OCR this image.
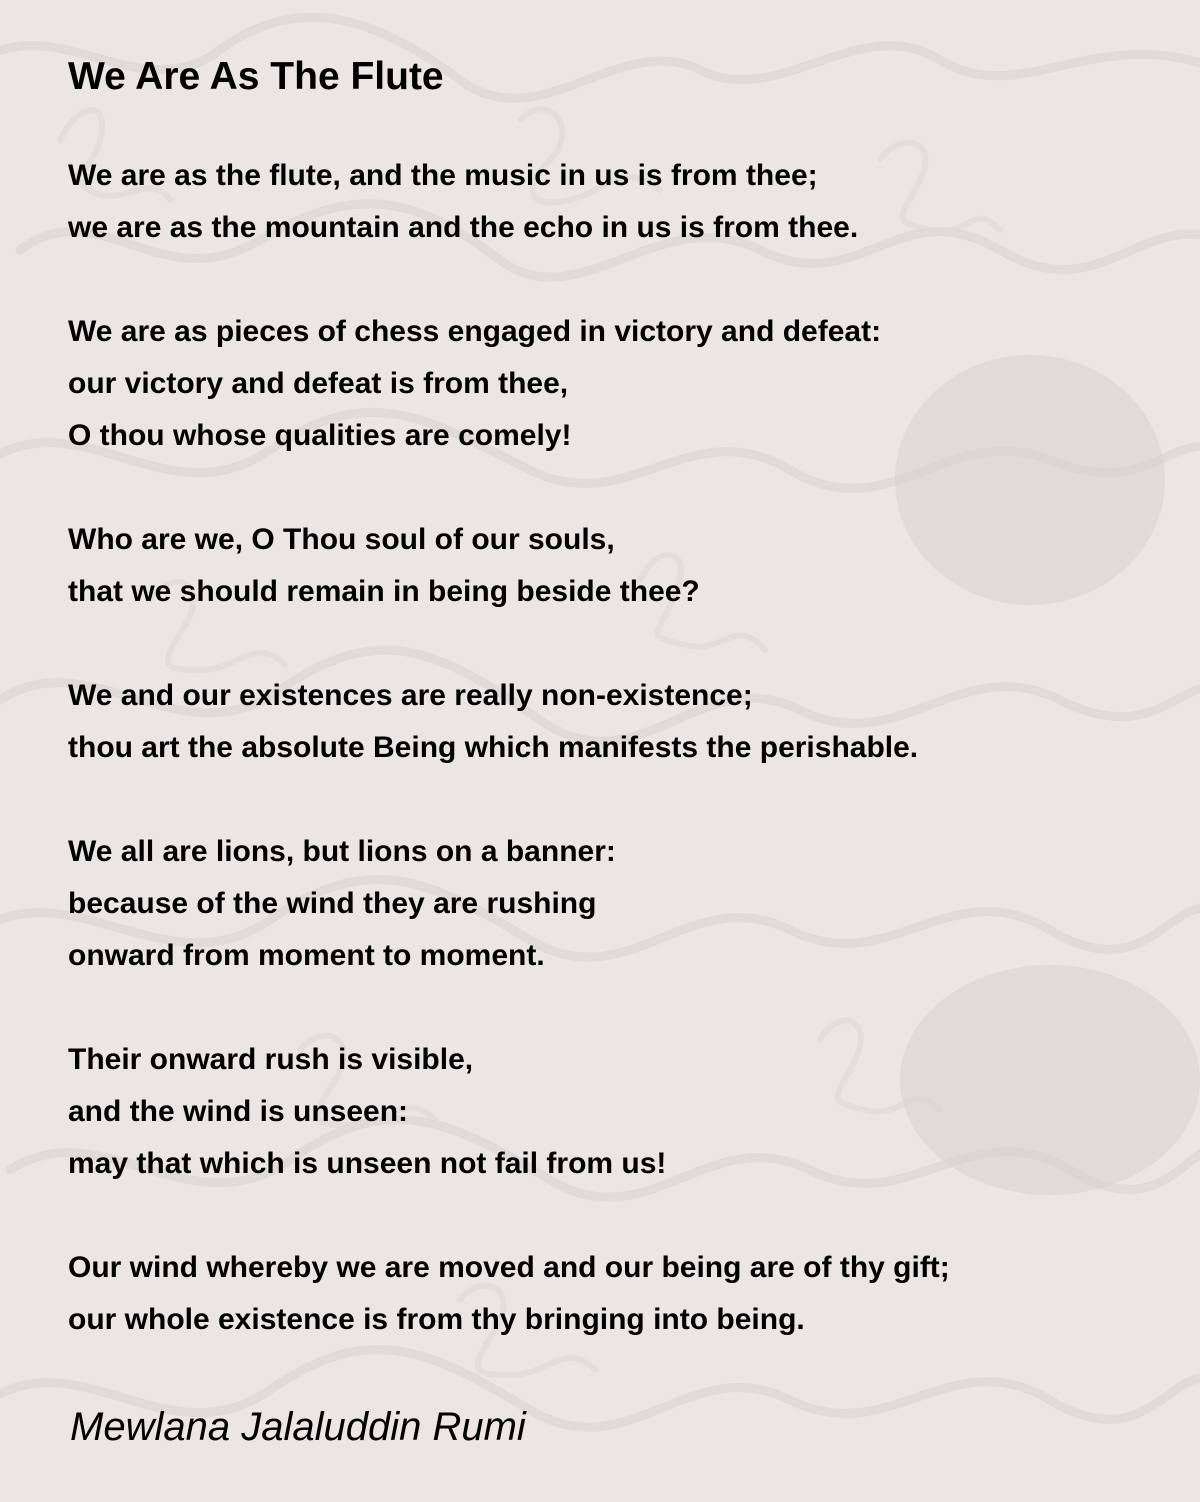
We Are As The Flute

We are as the flute, and the music in us is from thee;
we are as the mountain and the echo in us is from thee.

We are as pieces of chess engaged in victory and defeat:
our victory and defeat is from thee,
O thou whose qualities are comely!

Who are we, O Thou soul of our souls,
that we should remain in being beside thee?

We and our existences are really non-existence;
thou art the absolute Being which manifests the perishable.

We all are lions, but lions on a banner:
because of the wind they are rushing
onward from moment to moment.

Their onward rush is visible,
and the wind is unseen:
may that which is unseen not fail from us!

Our wind whereby we are moved and our being are of thy gift;
our whole existence is from thy bringing into being.

Mewlana Jalaluddin Rumi
